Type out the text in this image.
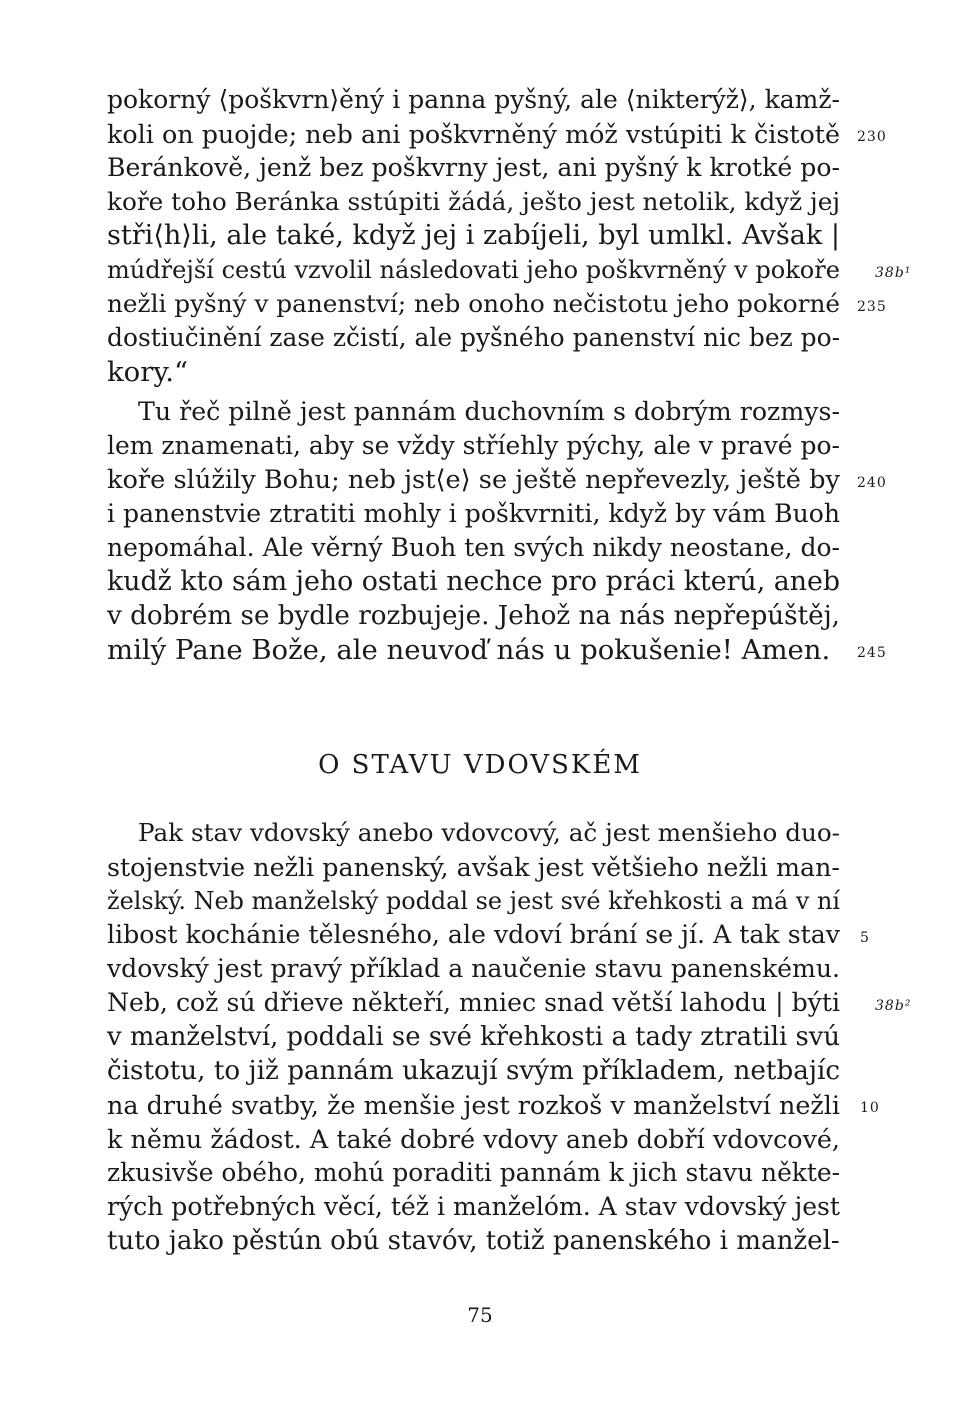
pokorný ⟨poškvrn⟩ěný i panna pyšný, ale ⟨nikterýž⟩, kamž-
koli on puojde; neb ani poškvrněný móž vstúpiti k čistotě
Beránkově, jenž bez poškvrny jest, ani pyšný k krotké po-
koře toho Beránka sstúpiti žádá, ješto jest netolik, když jej
stři⟨h⟩li, ale také, když jej i zabíjeli, byl umlkl. Avšak |
múdřejší cestú vzvolil následovati jeho poškvrněný v pokoře
nežli pyšný v panenství; neb onoho nečistotu jeho pokorné
dostiučinění zase zčistí, ale pyšného panenství nic bez po-
kory.“
Tu řeč pilně jest pannám duchovním s dobrým rozmys-
lem znamenati, aby se vždy stříehly pýchy, ale v pravé po-
koře slúžily Bohu; neb jst⟨e⟩ se ještě nepřevezly, ještě by
i panenstvie ztratiti mohly i poškvrniti, když by vám Buoh
nepomáhal. Ale věrný Buoh ten svých nikdy neostane, do-
kudž kto sám jeho ostati nechce pro práci kterú, aneb
v dobrém se bydle rozbujeje. Jehož na nás nepřepúštěj,
milý Pane Bože, ale neuvoď nás u pokušenie! Amen.
230
38b¹
235
240
245
O STAVU VDOVSKÉM
Pak stav vdovský anebo vdovcový, ač jest menšieho duo-
stojenstvie nežli panenský, avšak jest většieho nežli man-
želský. Neb manželský poddal se jest své křehkosti a má v ní
libost kochánie tělesného, ale vdoví brání se jí. A tak stav
vdovský jest pravý příklad a naučenie stavu panenskému.
Neb, což sú dřieve někteří, mniec snad větší lahodu | býti
v manželství, poddali se své křehkosti a tady ztratili svú
čistotu, to již pannám ukazují svým příkladem, netbajíc
na druhé svatby, že menšie jest rozkoš v manželství nežli
k němu žádost. A také dobré vdovy aneb dobří vdovcové,
zkusivše obého, mohú poraditi pannám k jich stavu někte-
rých potřebných věcí, též i manželóm. A stav vdovský jest
tuto jako pěstún obú stavóv, totiž panenského i manžel-
5
38b²
10
75
